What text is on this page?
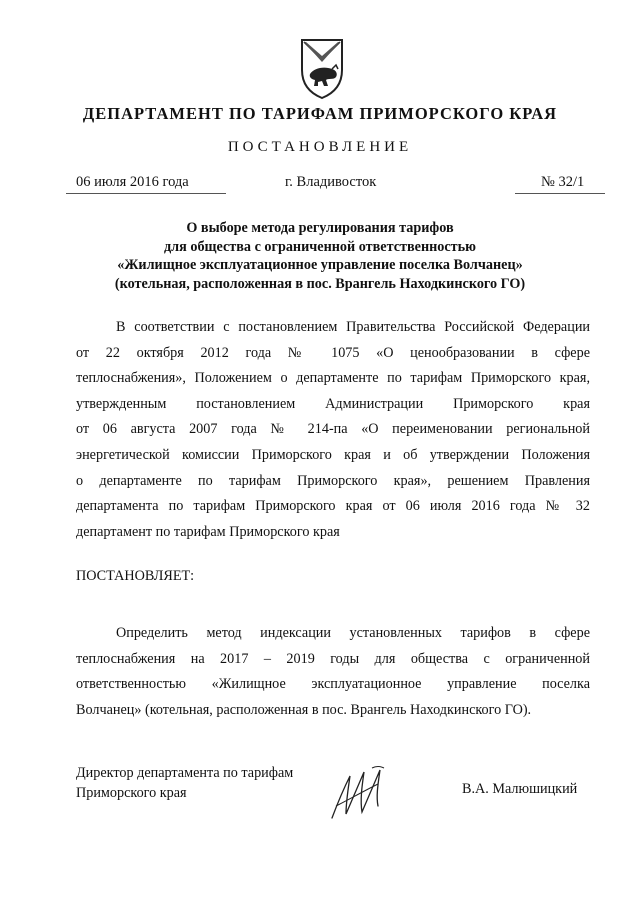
ДЕПАРТАМЕНТ ПО ТАРИФАМ ПРИМОРСКОГО КРАЯ
ПОСТАНОВЛЕНИЕ
06 июля 2016 года	г. Владивосток	№ 32/1
О выборе метода регулирования тарифов
для общества с ограниченной ответственностью
«Жилищное эксплуатационное управление поселка Волчанец»
(котельная, расположенная в пос. Врангель Находкинского ГО)
В соответствии с постановлением Правительства Российской Федерации
от 22 октября 2012 года № 1075 «О ценообразовании в сфере
теплоснабжения», Положением о департаменте по тарифам Приморского края,
утвержденным постановлением Администрации Приморского края
от 06 августа 2007 года № 214-па «О переименовании региональной
энергетической комиссии Приморского края и об утверждении Положения
о департаменте по тарифам Приморского края», решением Правления
департамента по тарифам Приморского края от 06 июля 2016 года № 32
департамент по тарифам Приморского края
ПОСТАНОВЛЯЕТ:
Определить метод индексации установленных тарифов в сфере
теплоснабжения на 2017 – 2019 годы для общества с ограниченной
ответственностью «Жилищное эксплуатационное управление поселка
Волчанец» (котельная, расположенная в пос. Врангель Находкинского ГО).
Директор департамента по тарифам
Приморского края	В.А. Малюшицкий
